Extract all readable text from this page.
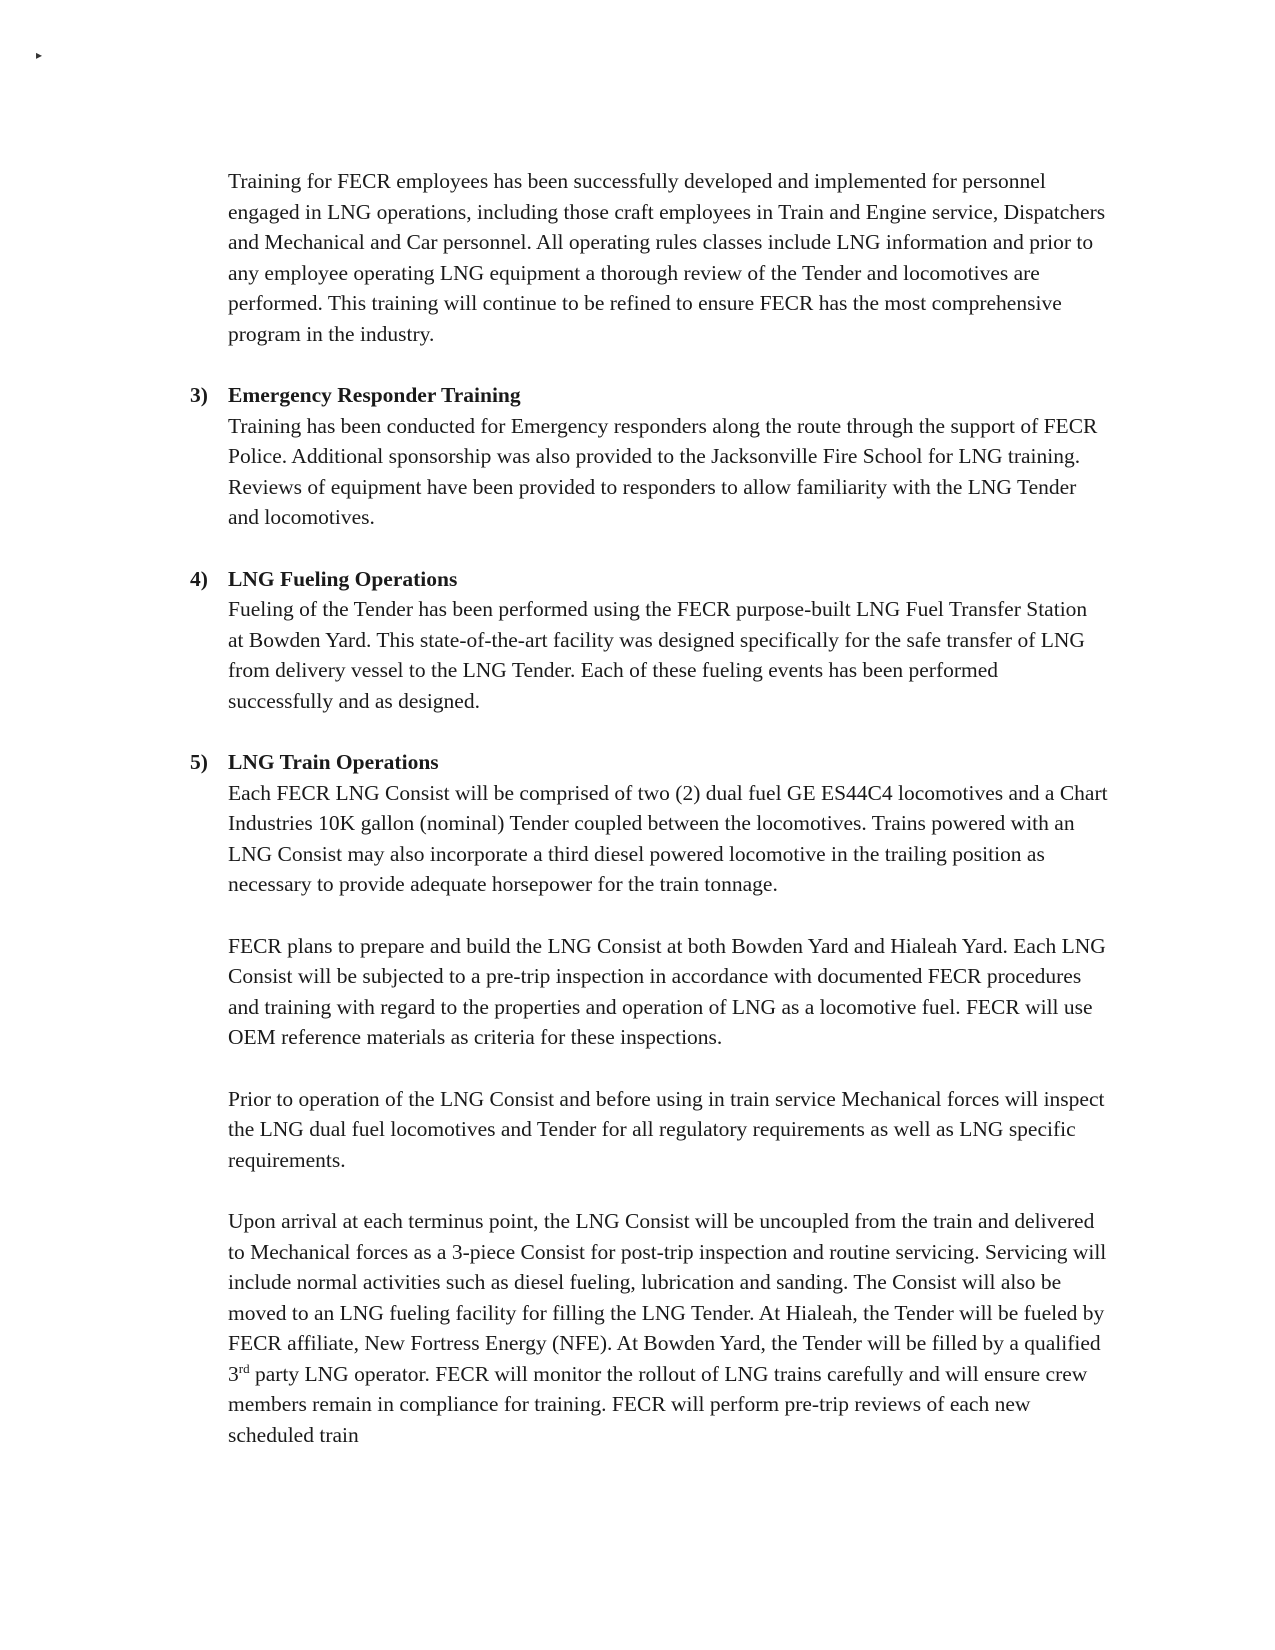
▸

Training for FECR employees has been successfully developed and implemented for personnel engaged in LNG operations, including those craft employees in Train and Engine service, Dispatchers and Mechanical and Car personnel. All operating rules classes include LNG information and prior to any employee operating LNG equipment a thorough review of the Tender and locomotives are performed. This training will continue to be refined to ensure FECR has the most comprehensive program in the industry.

3) Emergency Responder Training

Training has been conducted for Emergency responders along the route through the support of FECR Police. Additional sponsorship was also provided to the Jacksonville Fire School for LNG training. Reviews of equipment have been provided to responders to allow familiarity with the LNG Tender and locomotives.

4) LNG Fueling Operations

Fueling of the Tender has been performed using the FECR purpose-built LNG Fuel Transfer Station at Bowden Yard. This state-of-the-art facility was designed specifically for the safe transfer of LNG from delivery vessel to the LNG Tender. Each of these fueling events has been performed successfully and as designed.

5) LNG Train Operations

Each FECR LNG Consist will be comprised of two (2) dual fuel GE ES44C4 locomotives and a Chart Industries 10K gallon (nominal) Tender coupled between the locomotives. Trains powered with an LNG Consist may also incorporate a third diesel powered locomotive in the trailing position as necessary to provide adequate horsepower for the train tonnage.

FECR plans to prepare and build the LNG Consist at both Bowden Yard and Hialeah Yard. Each LNG Consist will be subjected to a pre-trip inspection in accordance with documented FECR procedures and training with regard to the properties and operation of LNG as a locomotive fuel. FECR will use OEM reference materials as criteria for these inspections.

Prior to operation of the LNG Consist and before using in train service Mechanical forces will inspect the LNG dual fuel locomotives and Tender for all regulatory requirements as well as LNG specific requirements.

Upon arrival at each terminus point, the LNG Consist will be uncoupled from the train and delivered to Mechanical forces as a 3-piece Consist for post-trip inspection and routine servicing. Servicing will include normal activities such as diesel fueling, lubrication and sanding. The Consist will also be moved to an LNG fueling facility for filling the LNG Tender. At Hialeah, the Tender will be fueled by FECR affiliate, New Fortress Energy (NFE). At Bowden Yard, the Tender will be filled by a qualified 3rd party LNG operator. FECR will monitor the rollout of LNG trains carefully and will ensure crew members remain in compliance for training. FECR will perform pre-trip reviews of each new scheduled train
